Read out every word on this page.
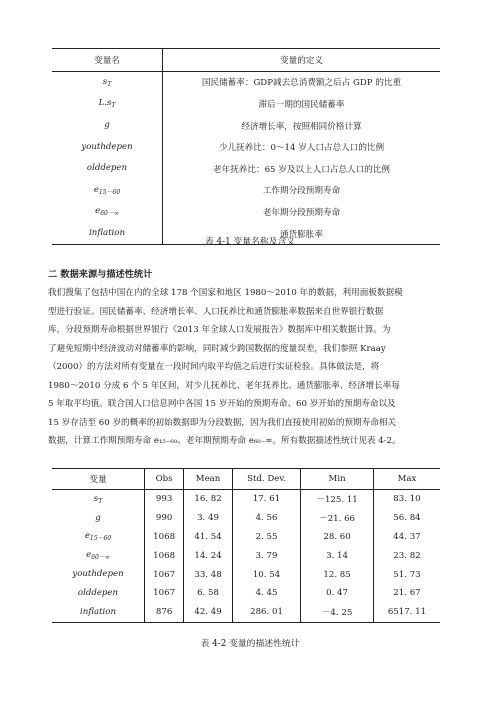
变量名	变量的定义
$s_T$	国民储蓄率：GDP减去总消费额之后占 GDP 的比重
$L.s_T$	滞后一期的国民储蓄率
g	经济增长率，按照相同价格计算
youthdepen	少儿抚养比：0～14 岁人口占总人口的比例
olddepen	老年抚养比：65 岁及以上人口占总人口的比例
$e_{15-60}$	工作期分段预期寿命
$e_{60-\infty}$	老年期分段预期寿命
inflation	通货膨胀率
表 4-1 变量名称及含义
二 数据来源与描述性统计
我们搜集了包括中国在内的全球 178 个国家和地区 1980～2010 年的数据，利用面板数据模
型进行验证。国民储蓄率、经济增长率、人口抚养比和通货膨胀率数据来自世界银行数据
库，分段预期寿命根据世界银行《2013 年全球人口发展报告》数据库中相关数据计算。为
了避免短期中经济波动对储蓄率的影响，同时减少跨国数据的度量误差，我们参照 Kraay
（2000）的方法对所有变量在一段时间内取平均值之后进行实证检验。具体做法是，将
1980～2010 分成 6 个 5 年区间，对少儿抚养比、老年抚养比、通货膨胀率、经济增长率每
5 年取平均值。联合国人口信息网中各国 15 岁开始的预期寿命、60 岁开始的预期寿命以及
15 岁存活至 60 岁的概率的初始数据即为分段数据，因为我们直接使用初始的预期寿命相关
数据，计算工作期预期寿命 e₁₅₋₆₀、老年期预期寿命 e₆₀₋∞。所有数据描述性统计见表 4-2。
变量	Obs	Mean	Std. Dev.	Min	Max
$s_T$	993	16. 82	17. 61	－125. 11	83. 10
g	990	3. 49	4. 56	－21. 66	56. 84
$e_{15-60}$	1068	41. 54	2. 55	28. 60	44. 37
$e_{60-\infty}$	1068	14. 24	3. 79	3. 14	23. 82
youthdepen	1067	33. 48	10. 54	12. 85	51. 73
olddepen	1067	6. 58	4. 45	0. 47	21. 67
inflation	876	42. 49	286. 01	－4. 25	6517. 11
表 4-2 变量的描述性统计
